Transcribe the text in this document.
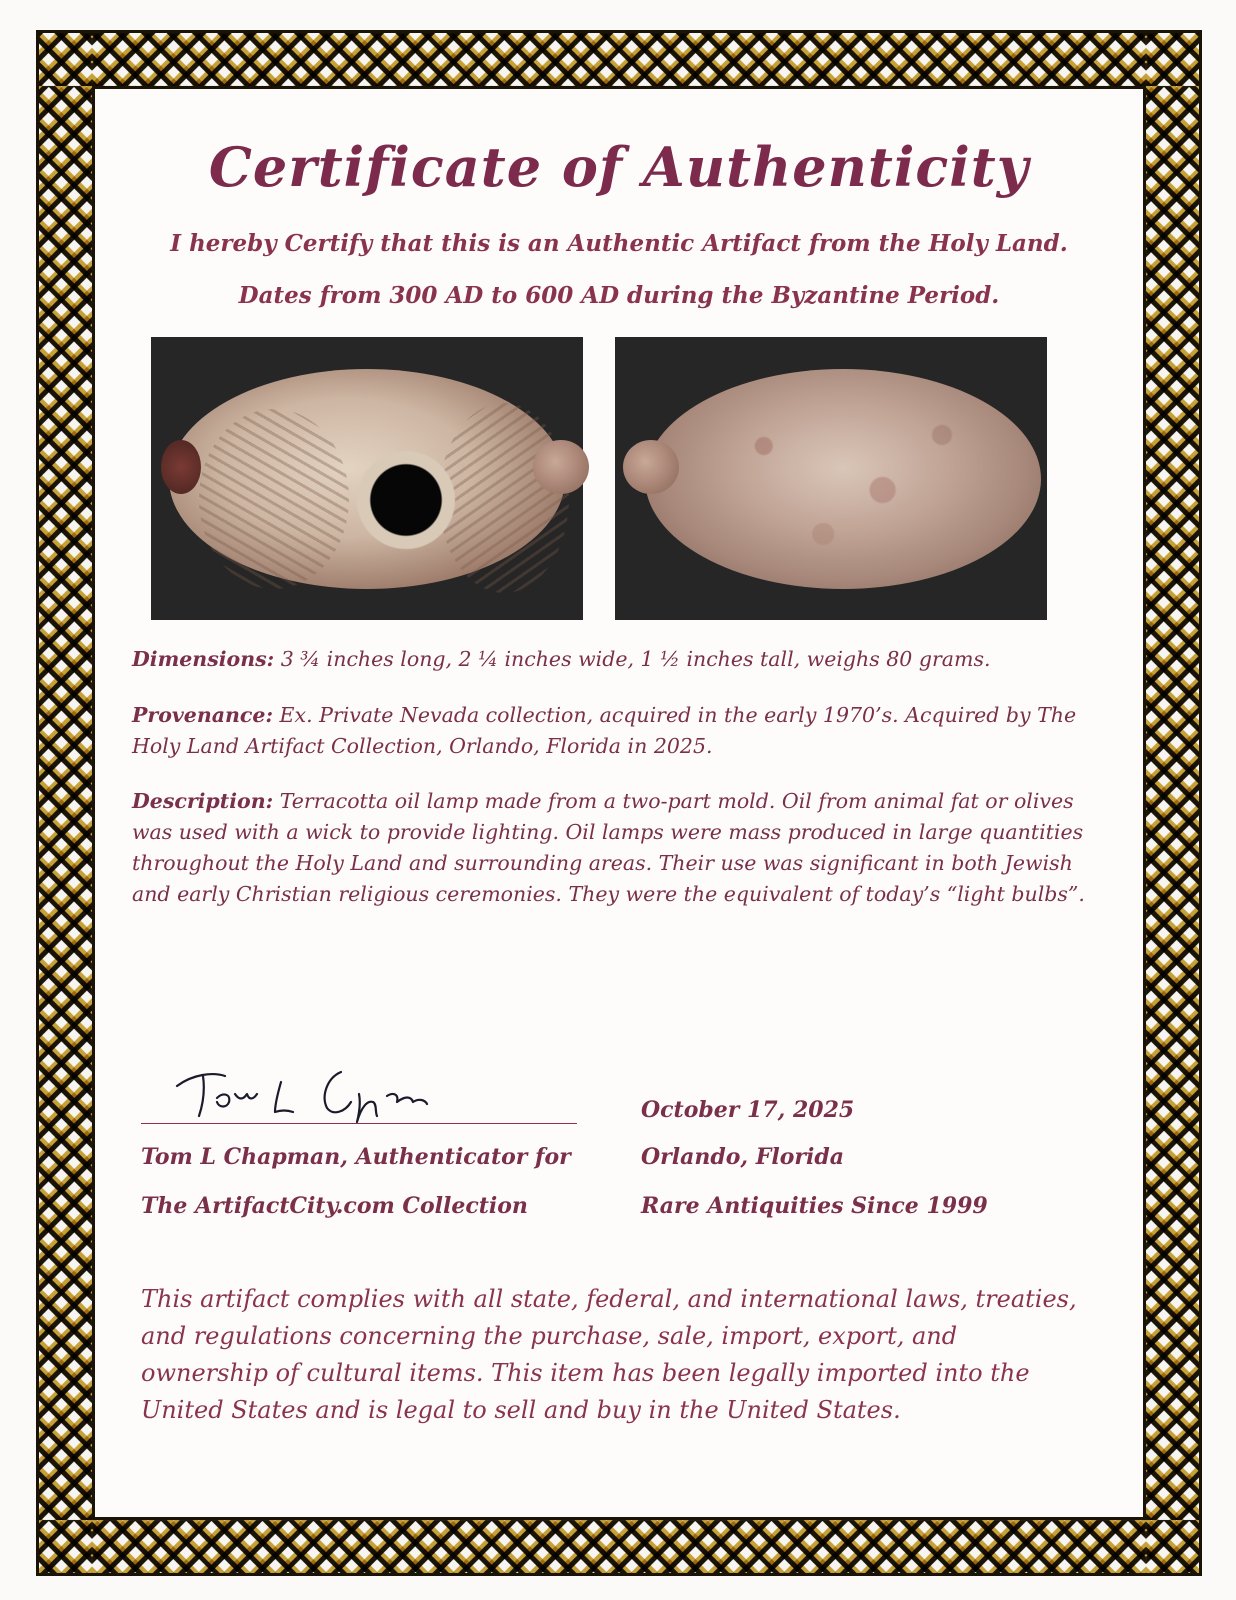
Certificate of Authenticity
I hereby Certify that this is an Authentic Artifact from the Holy Land.
Dates from 300 AD to 600 AD during the Byzantine Period.
Dimensions: 3 ¾ inches long, 2 ¼ inches wide, 1 ½ inches tall, weighs 80 grams.
Provenance: Ex. Private Nevada collection, acquired in the early 1970’s. Acquired by The Holy Land Artifact Collection, Orlando, Florida in 2025.
Description: Terracotta oil lamp made from a two-part mold. Oil from animal fat or olives was used with a wick to provide lighting. Oil lamps were mass produced in large quantities throughout the Holy Land and surrounding areas. Their use was significant in both Jewish and early Christian religious ceremonies. They were the equivalent of today’s “light bulbs”.
Tom L Chapman, Authenticator for
The ArtifactCity.com Collection
October 17, 2025
Orlando, Florida
Rare Antiquities Since 1999
This artifact complies with all state, federal, and international laws, treaties, and regulations concerning the purchase, sale, import, export, and ownership of cultural items. This item has been legally imported into the United States and is legal to sell and buy in the United States.
